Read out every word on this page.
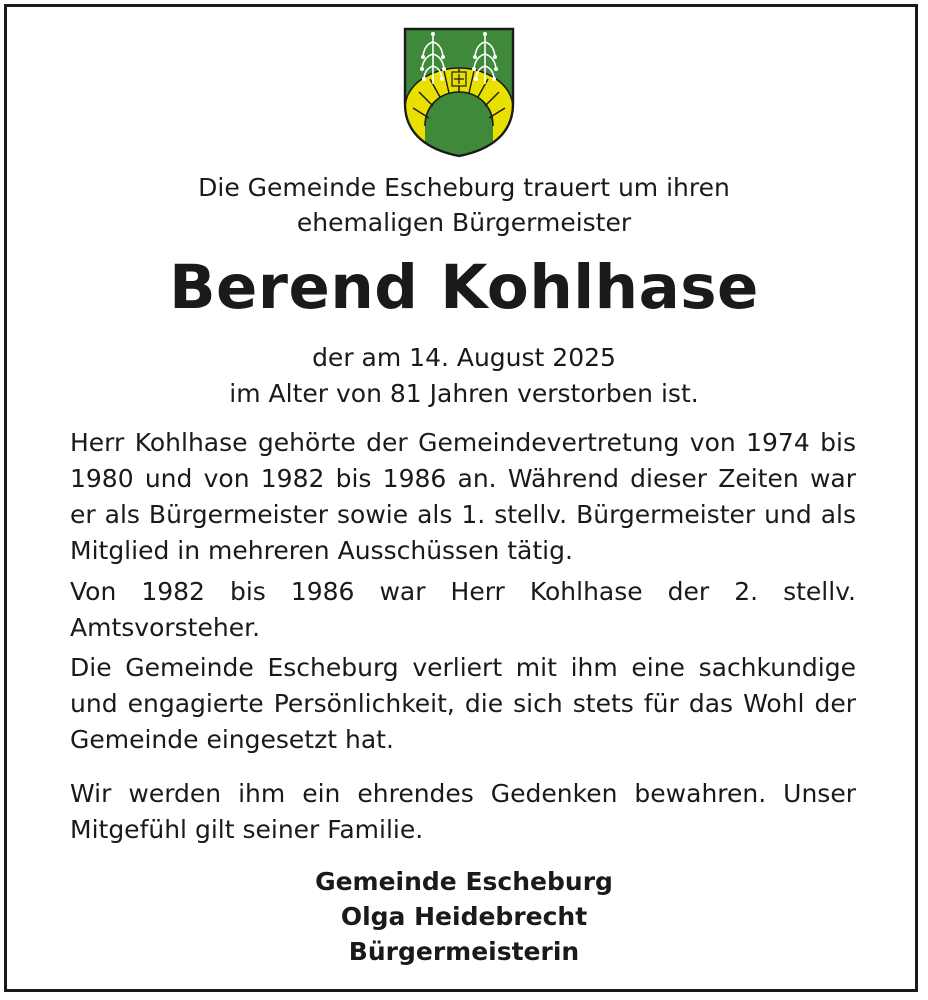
Die Gemeinde Escheburg trauert um ihren
ehemaligen Bürgermeister
Berend Kohlhase
der am 14. August 2025
im Alter von 81 Jahren verstorben ist.

Herr Kohlhase gehörte der Gemeindevertretung von 1974 bis 1980 und von 1982 bis 1986 an. Während dieser Zeiten war er als Bürgermeister sowie als 1. stellv. Bürgermeister und als Mitglied in mehreren Ausschüssen tätig.

Von 1982 bis 1986 war Herr Kohlhase der 2. stellv. Amtsvorsteher.

Die Gemeinde Escheburg verliert mit ihm eine sachkundige und engagierte Persönlichkeit, die sich stets für das Wohl der Gemeinde eingesetzt hat.

Wir werden ihm ein ehrendes Gedenken bewahren. Unser Mitgefühl gilt seiner Familie.

Gemeinde Escheburg
Olga Heidebrecht
Bürgermeisterin
